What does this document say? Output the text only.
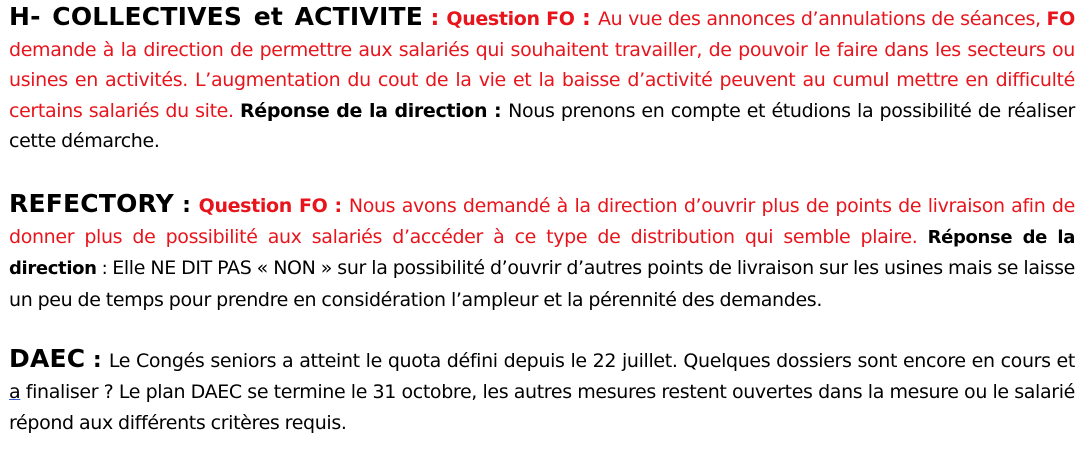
H- COLLECTIVES et ACTIVITE : Question FO : Au vue des annonces d’annulations de séances, FO demande à la direction de permettre aux salariés qui souhaitent travailler, de pouvoir le faire dans les secteurs ou usines en activités. L’augmentation du cout de la vie et la baisse d’activité peuvent au cumul mettre en difficulté certains salariés du site. Réponse de la direction : Nous prenons en compte et étudions la possibilité de réaliser cette démarche.

REFECTORY : Question FO : Nous avons demandé à la direction d’ouvrir plus de points de livraison afin de donner plus de possibilité aux salariés d’accéder à ce type de distribution qui semble plaire. Réponse de la direction : Elle NE DIT PAS « NON » sur la possibilité d’ouvrir d’autres points de livraison sur les usines mais se laisse un peu de temps pour prendre en considération l’ampleur et la pérennité des demandes.

DAEC : Le Congés seniors a atteint le quota défini depuis le 22 juillet. Quelques dossiers sont encore en cours et a finaliser ? Le plan DAEC se termine le 31 octobre, les autres mesures restent ouvertes dans la mesure ou le salarié répond aux différents critères requis.
